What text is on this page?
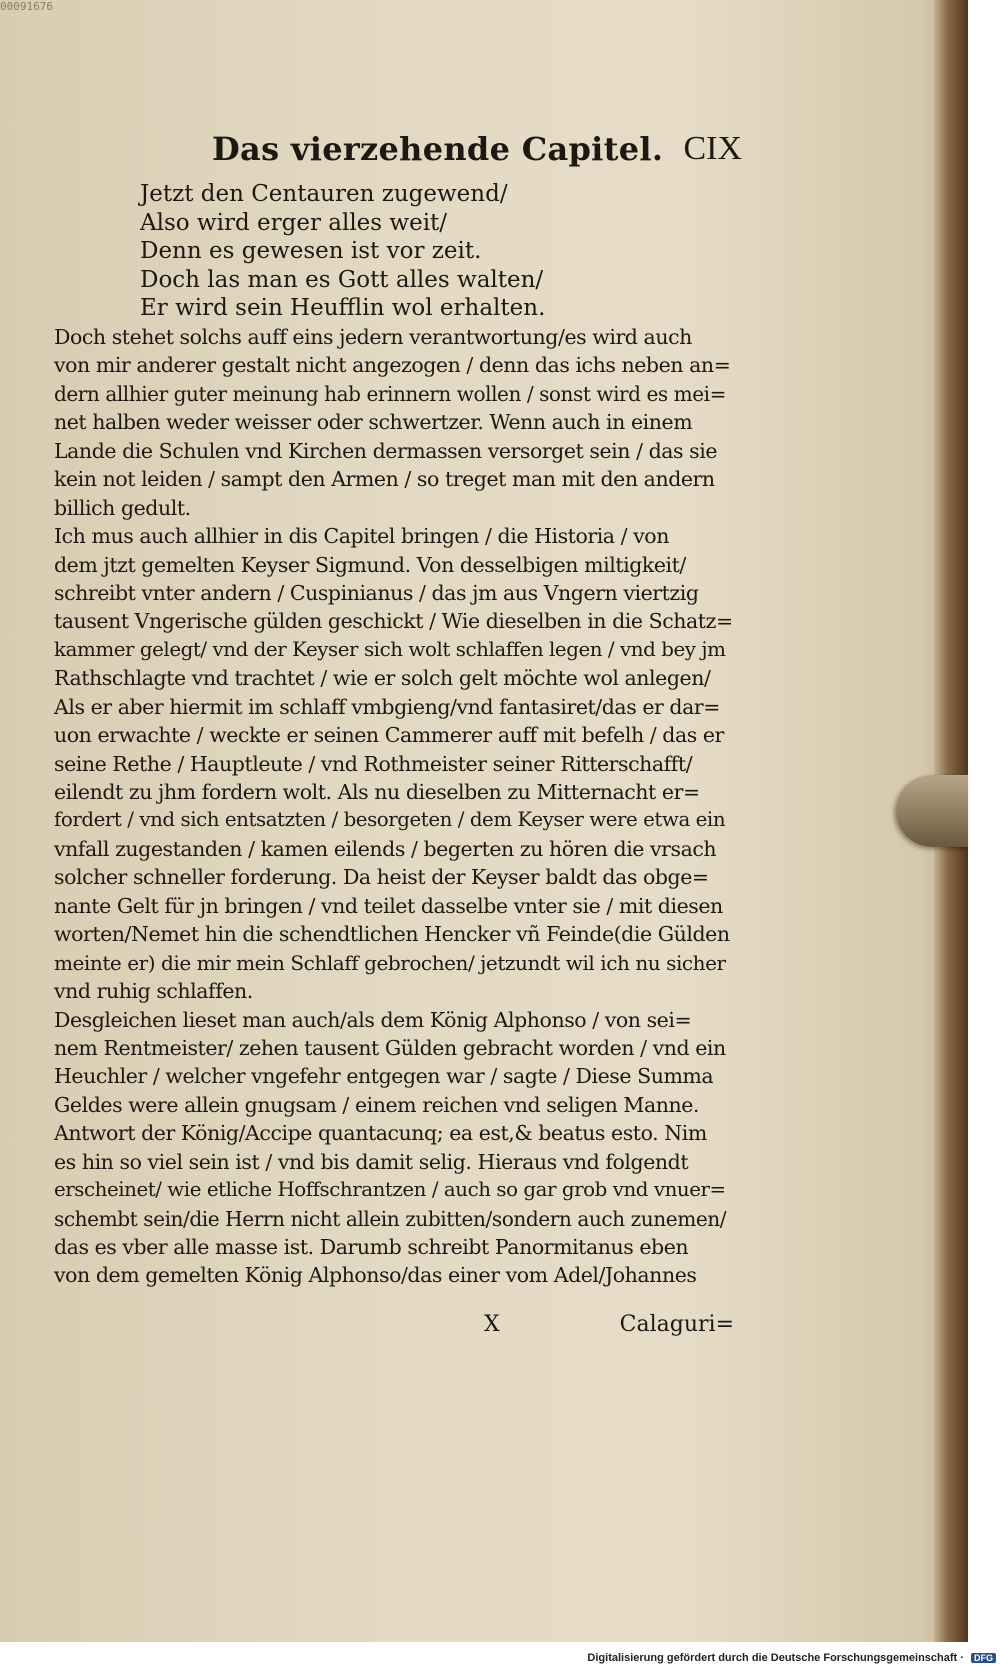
00091676
Das vierzehende Capitel. CIX
Jetzt den Centauren zugewend/
Also wird erger alles weit/
Denn es gewesen ist vor zeit.
Doch las man es Gott alles walten/
Er wird sein Heufflin wol erhalten.
Doch stehet solchs auff eins jedern verantwortung/es wird auch
von mir anderer gestalt nicht angezogen / denn das ichs neben an=
dern allhier guter meinung hab erinnern wollen / sonst wird es mei=
net halben weder weisser oder schwertzer. Wenn auch in einem
Lande die Schulen vnd Kirchen dermassen versorget sein / das sie
kein not leiden / sampt den Armen / so treget man mit den andern
billich gedult.
Ich mus auch allhier in dis Capitel bringen / die Historia / von
dem jtzt gemelten Keyser Sigmund. Von desselbigen miltigkeit/
schreibt vnter andern / Cuspinianus / das jm aus Vngern viertzig
tausent Vngerische gülden geschickt / Wie dieselben in die Schatz=
kammer gelegt/ vnd der Keyser sich wolt schlaffen legen / vnd bey jm
Rathschlagte vnd trachtet / wie er solch gelt möchte wol anlegen/
Als er aber hiermit im schlaff vmbgieng/vnd fantasiret/das er dar=
uon erwachte / weckte er seinen Cammerer auff mit befelh / das er
seine Rethe / Hauptleute / vnd Rothmeister seiner Ritterschafft/
eilendt zu jhm fordern wolt. Als nu dieselben zu Mitternacht er=
fordert / vnd sich entsatzten / besorgeten / dem Keyser were etwa ein
vnfall zugestanden / kamen eilends / begerten zu hören die vrsach
solcher schneller forderung. Da heist der Keyser baldt das obge=
nante Gelt für jn bringen / vnd teilet dasselbe vnter sie / mit diesen
worten/Nemet hin die schendtlichen Hencker vñ Feinde(die Gülden
meinte er) die mir mein Schlaff gebrochen/ jetzundt wil ich nu sicher
vnd ruhig schlaffen.
Desgleichen lieset man auch/als dem König Alphonso / von sei=
nem Rentmeister/ zehen tausent Gülden gebracht worden / vnd ein
Heuchler / welcher vngefehr entgegen war / sagte / Diese Summa
Geldes were allein gnugsam / einem reichen vnd seligen Manne.
Antwort der König/Accipe quantacunq; ea est,& beatus esto. Nim
es hin so viel sein ist / vnd bis damit selig. Hieraus vnd folgendt
erscheinet/ wie etliche Hoffschrantzen / auch so gar grob vnd vnuer=
schembt sein/die Herrn nicht allein zubitten/sondern auch zunemen/
das es vber alle masse ist. Darumb schreibt Panormitanus eben
von dem gemelten König Alphonso/das einer vom Adel/Johannes
X	Calaguri=
Digitalisierung gefördert durch die Deutsche Forschungsgemeinschaft · DFG
